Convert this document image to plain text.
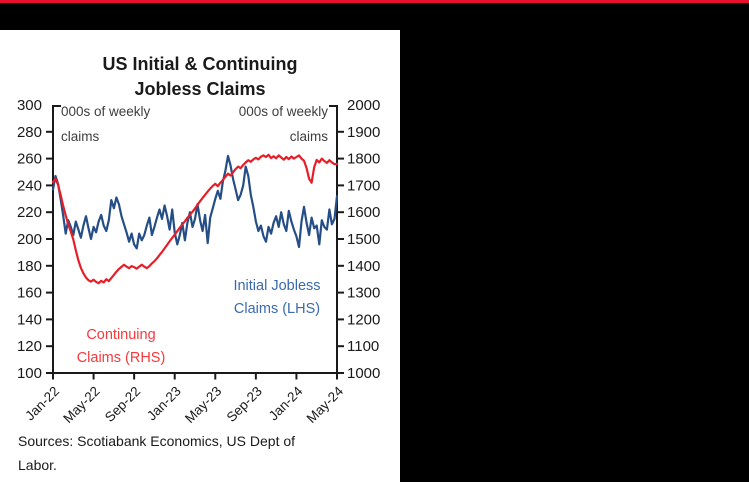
US Initial & Continuing
Jobless Claims
300
280
260
240
220
200
180
160
140
120
100
2000
1900
1800
1700
1600
1500
1400
1300
1200
1100
1000
Jan-22
May-22 Sep-22 Jan-23
May-23 Sep-23 Jan-24
May-24
000s of weekly
claims
000s of weekly
claims
Initial Jobless
Claims (LHS)
Continuing
Claims (RHS)
Sources: Scotiabank Economics, US Dept of
Labor.
